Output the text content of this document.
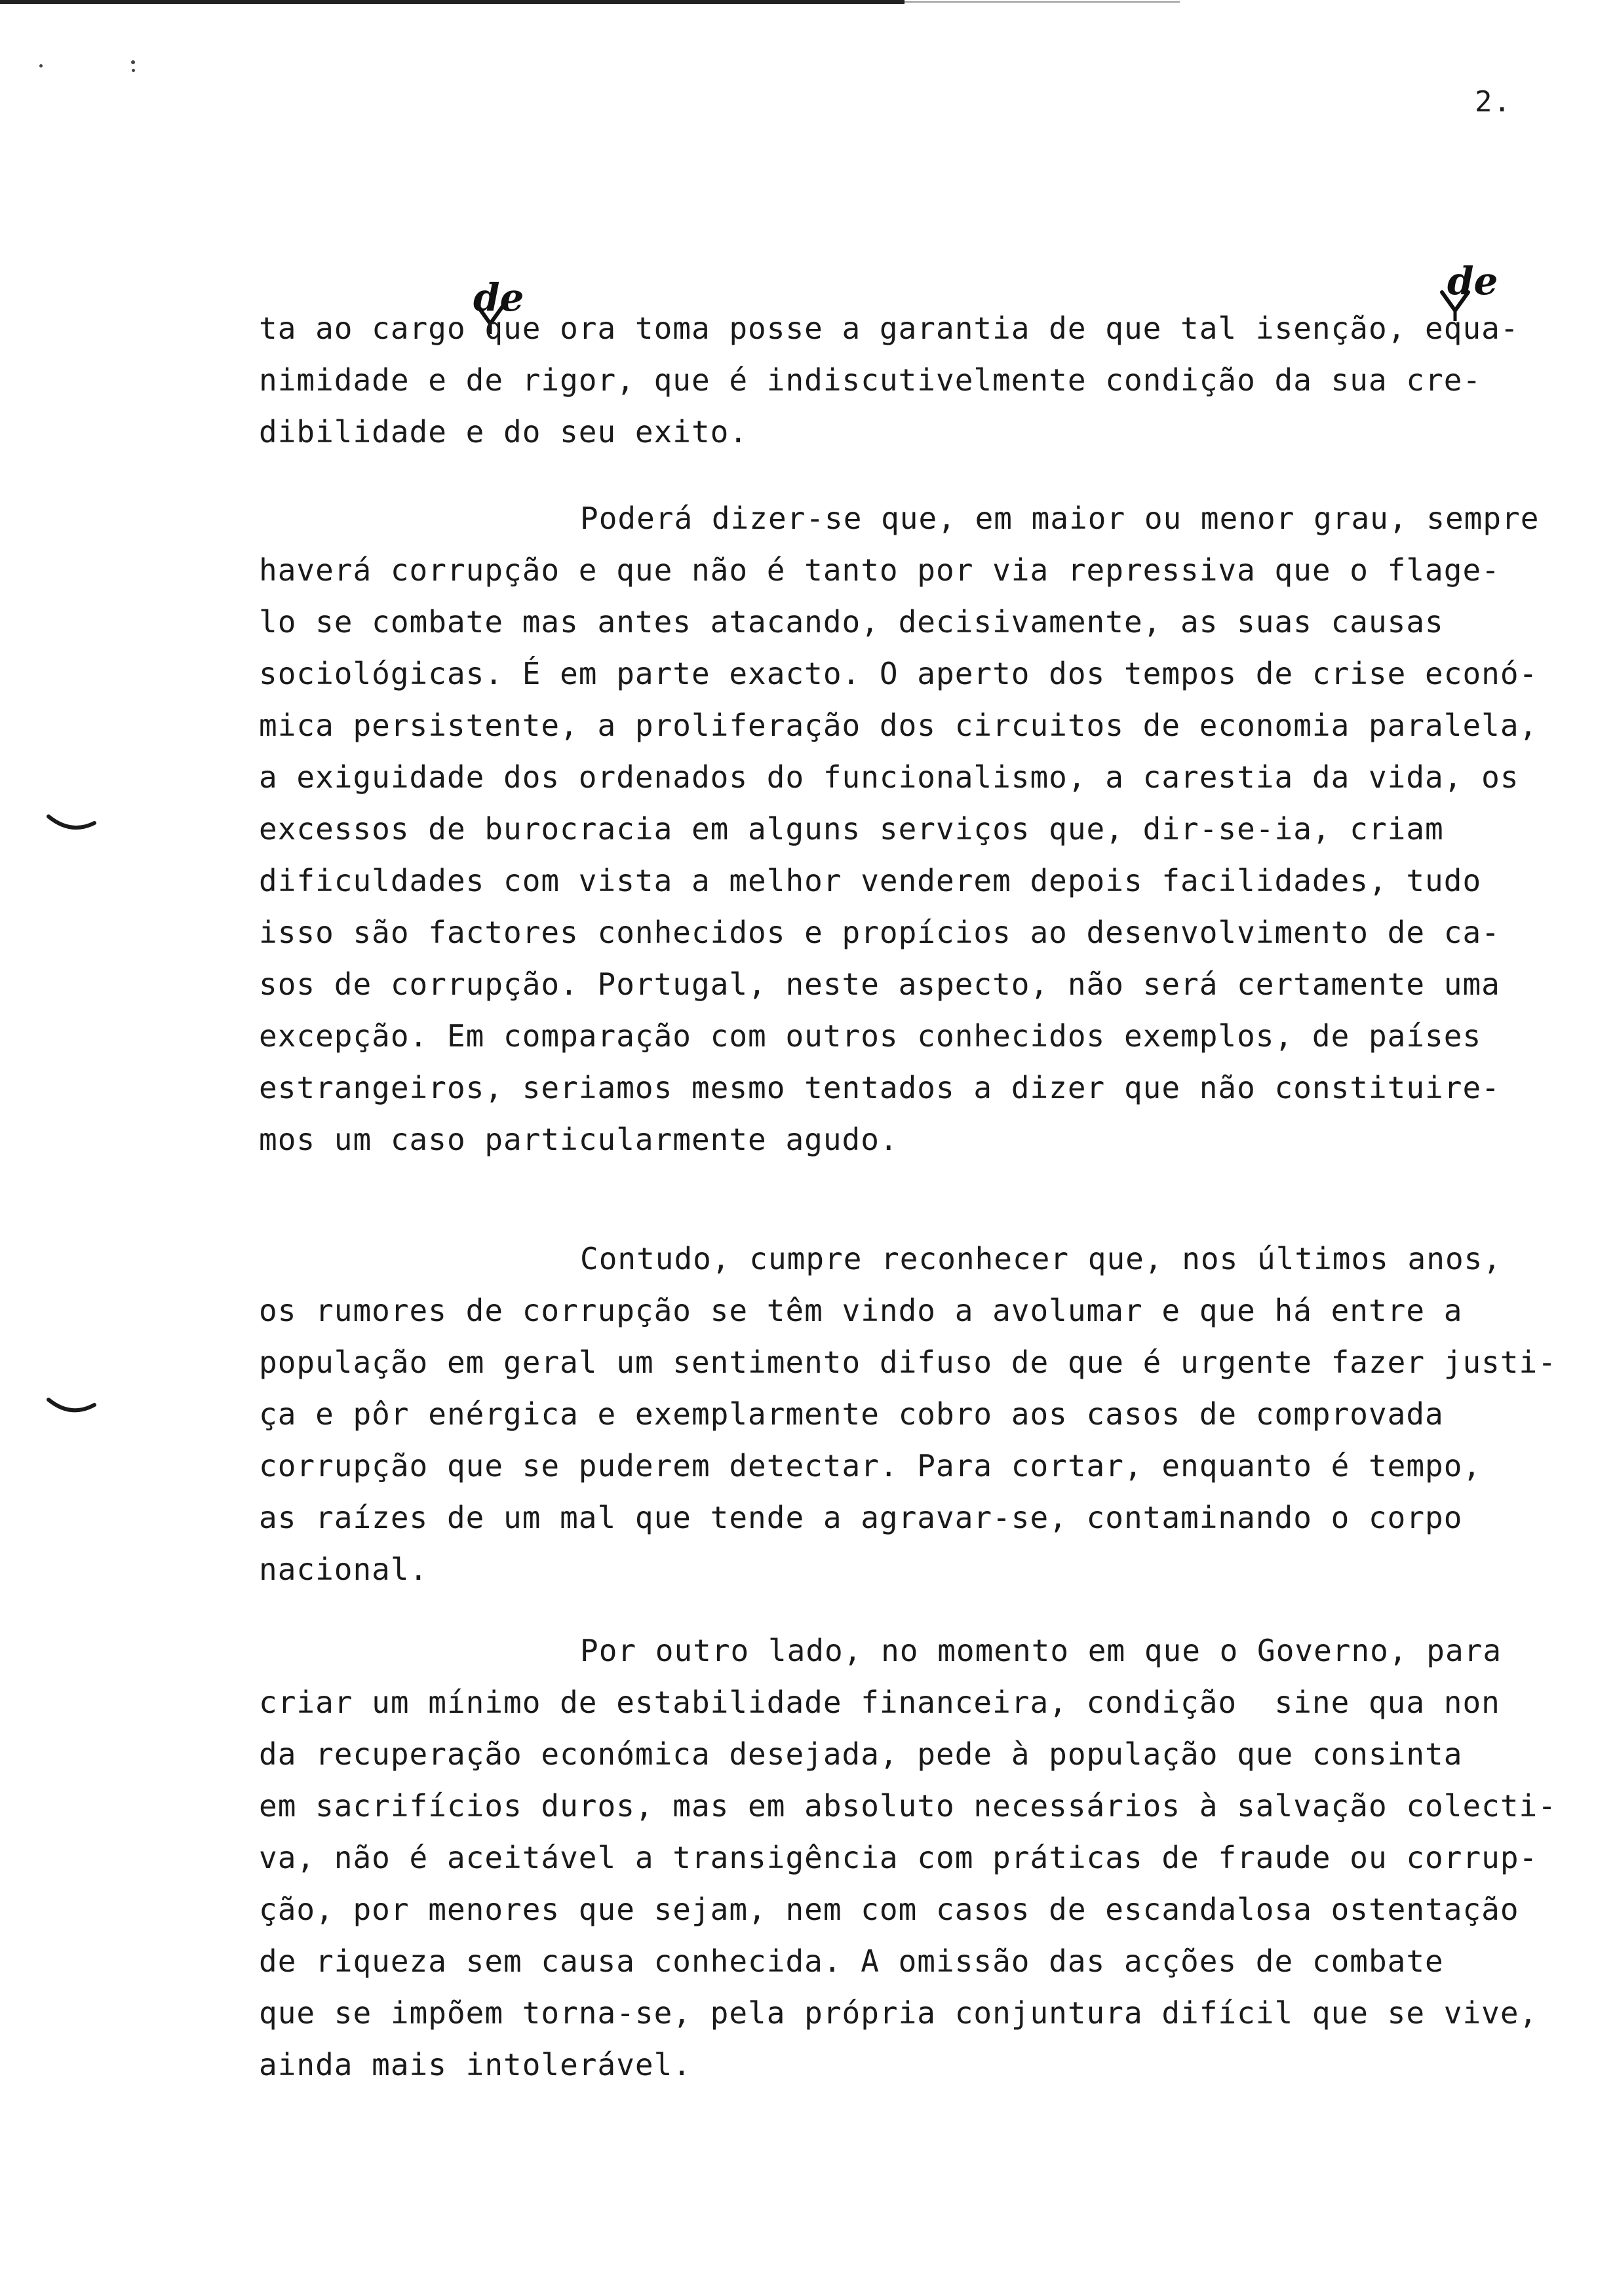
2.
de	de
ta ao cargo que ora toma posse a garantia de que tal isenção, equa-
nimidade e de rigor, que é indiscutivelmente condição da sua cre-
dibilidade e do seu exito.
Poderá dizer-se que, em maior ou menor grau, sempre
haverá corrupção e que não é tanto por via repressiva que o flage-
lo se combate mas antes atacando, decisivamente, as suas causas
sociológicas. É em parte exacto. O aperto dos tempos de crise econó-
mica persistente, a proliferação dos circuitos de economia paralela,
a exiguidade dos ordenados do funcionalismo, a carestia da vida, os
excessos de burocracia em alguns serviços que, dir-se-ia, criam
dificuldades com vista a melhor venderem depois facilidades, tudo
isso são factores conhecidos e propícios ao desenvolvimento de ca-
sos de corrupção. Portugal, neste aspecto, não será certamente uma
excepção. Em comparação com outros conhecidos exemplos, de países
estrangeiros, seriamos mesmo tentados a dizer que não constituire-
mos um caso particularmente agudo.
Contudo, cumpre reconhecer que, nos últimos anos,
os rumores de corrupção se têm vindo a avolumar e que há entre a
população em geral um sentimento difuso de que é urgente fazer justi-
ça e pôr enérgica e exemplarmente cobro aos casos de comprovada
corrupção que se puderem detectar. Para cortar, enquanto é tempo,
as raízes de um mal que tende a agravar-se, contaminando o corpo
nacional.
Por outro lado, no momento em que o Governo, para
criar um mínimo de estabilidade financeira, condição  sine qua non
da recuperação económica desejada, pede à população que consinta
em sacrifícios duros, mas em absoluto necessários à salvação colecti-
va, não é aceitável a transigência com práticas de fraude ou corrup-
ção, por menores que sejam, nem com casos de escandalosa ostentação
de riqueza sem causa conhecida. A omissão das acções de combate
que se impõem torna-se, pela própria conjuntura difícil que se vive,
ainda mais intolerável.
